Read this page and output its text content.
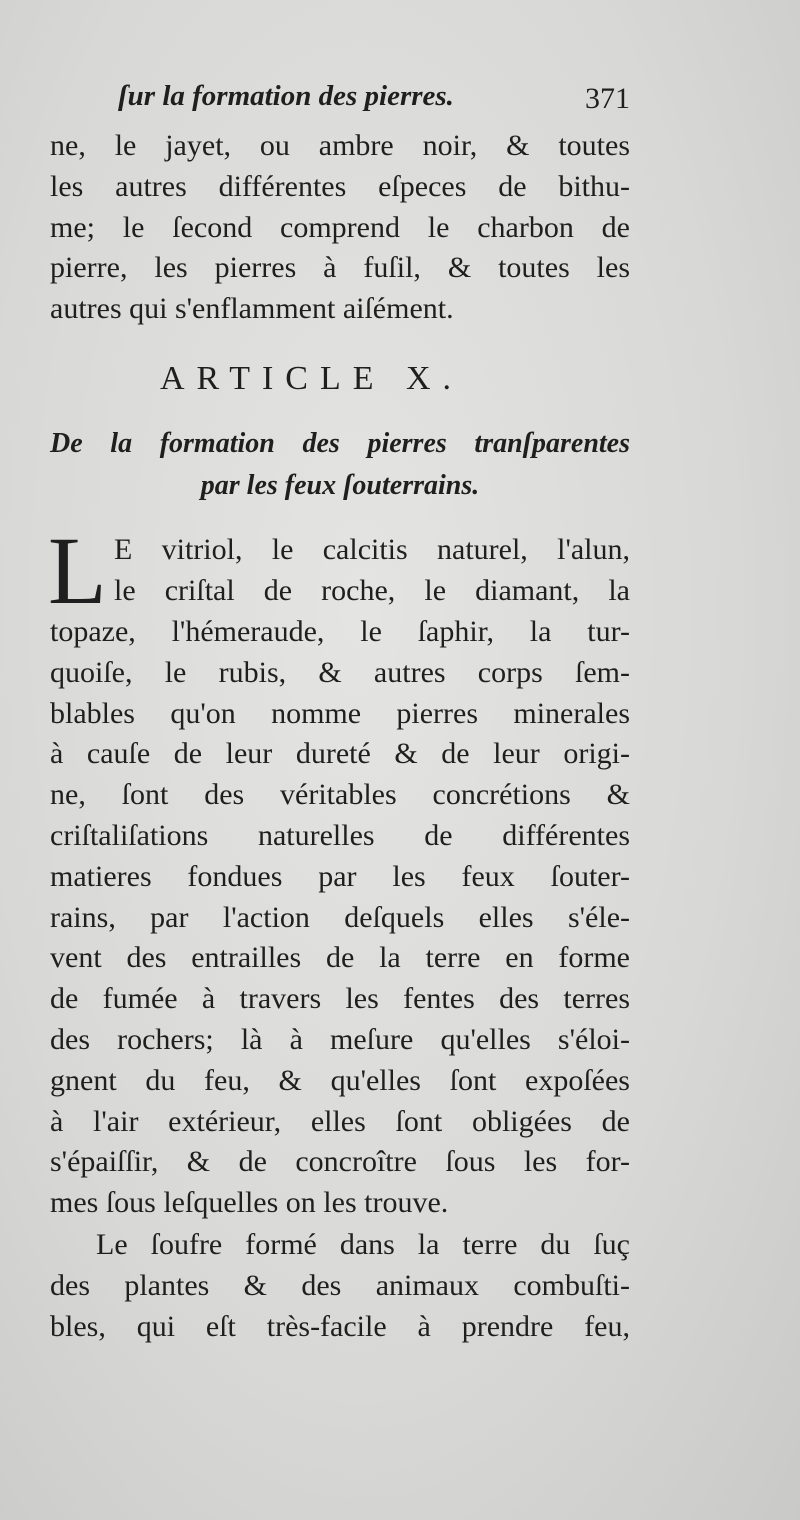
ſur la formation des pierres.	371
ne, le jayet, ou ambre noir, & toutes
les autres différentes eſpeces de bithu-
me; le ſecond comprend le charbon de
pierre, les pierres à fuſil, & toutes les
autres qui s'enflamment aiſément.
ARTICLE X.
De la formation des pierres tranſparentes
par les feux ſouterrains.
L E vitriol, le calcitis naturel, l'alun,
le criſtal de roche, le diamant, la
topaze, l'hémeraude, le ſaphir, la tur-
quoiſe, le rubis, & autres corps ſem-
blables qu'on nomme pierres minerales
à cauſe de leur dureté & de leur origi-
ne, ſont des véritables concrétions &
criſtaliſations naturelles de différentes
matieres fondues par les feux ſouter-
rains, par l'action deſquels elles s'éle-
vent des entrailles de la terre en forme
de fumée à travers les fentes des terres
des rochers; là à meſure qu'elles s'éloi-
gnent du feu, & qu'elles ſont expoſées
à l'air extérieur, elles ſont obligées de
s'épaiſſir, & de concroître ſous les for-
mes ſous leſquelles on les trouve.
Le ſoufre formé dans la terre du ſuç
des plantes & des animaux combuſti-
bles, qui eſt très-facile à prendre feu,
